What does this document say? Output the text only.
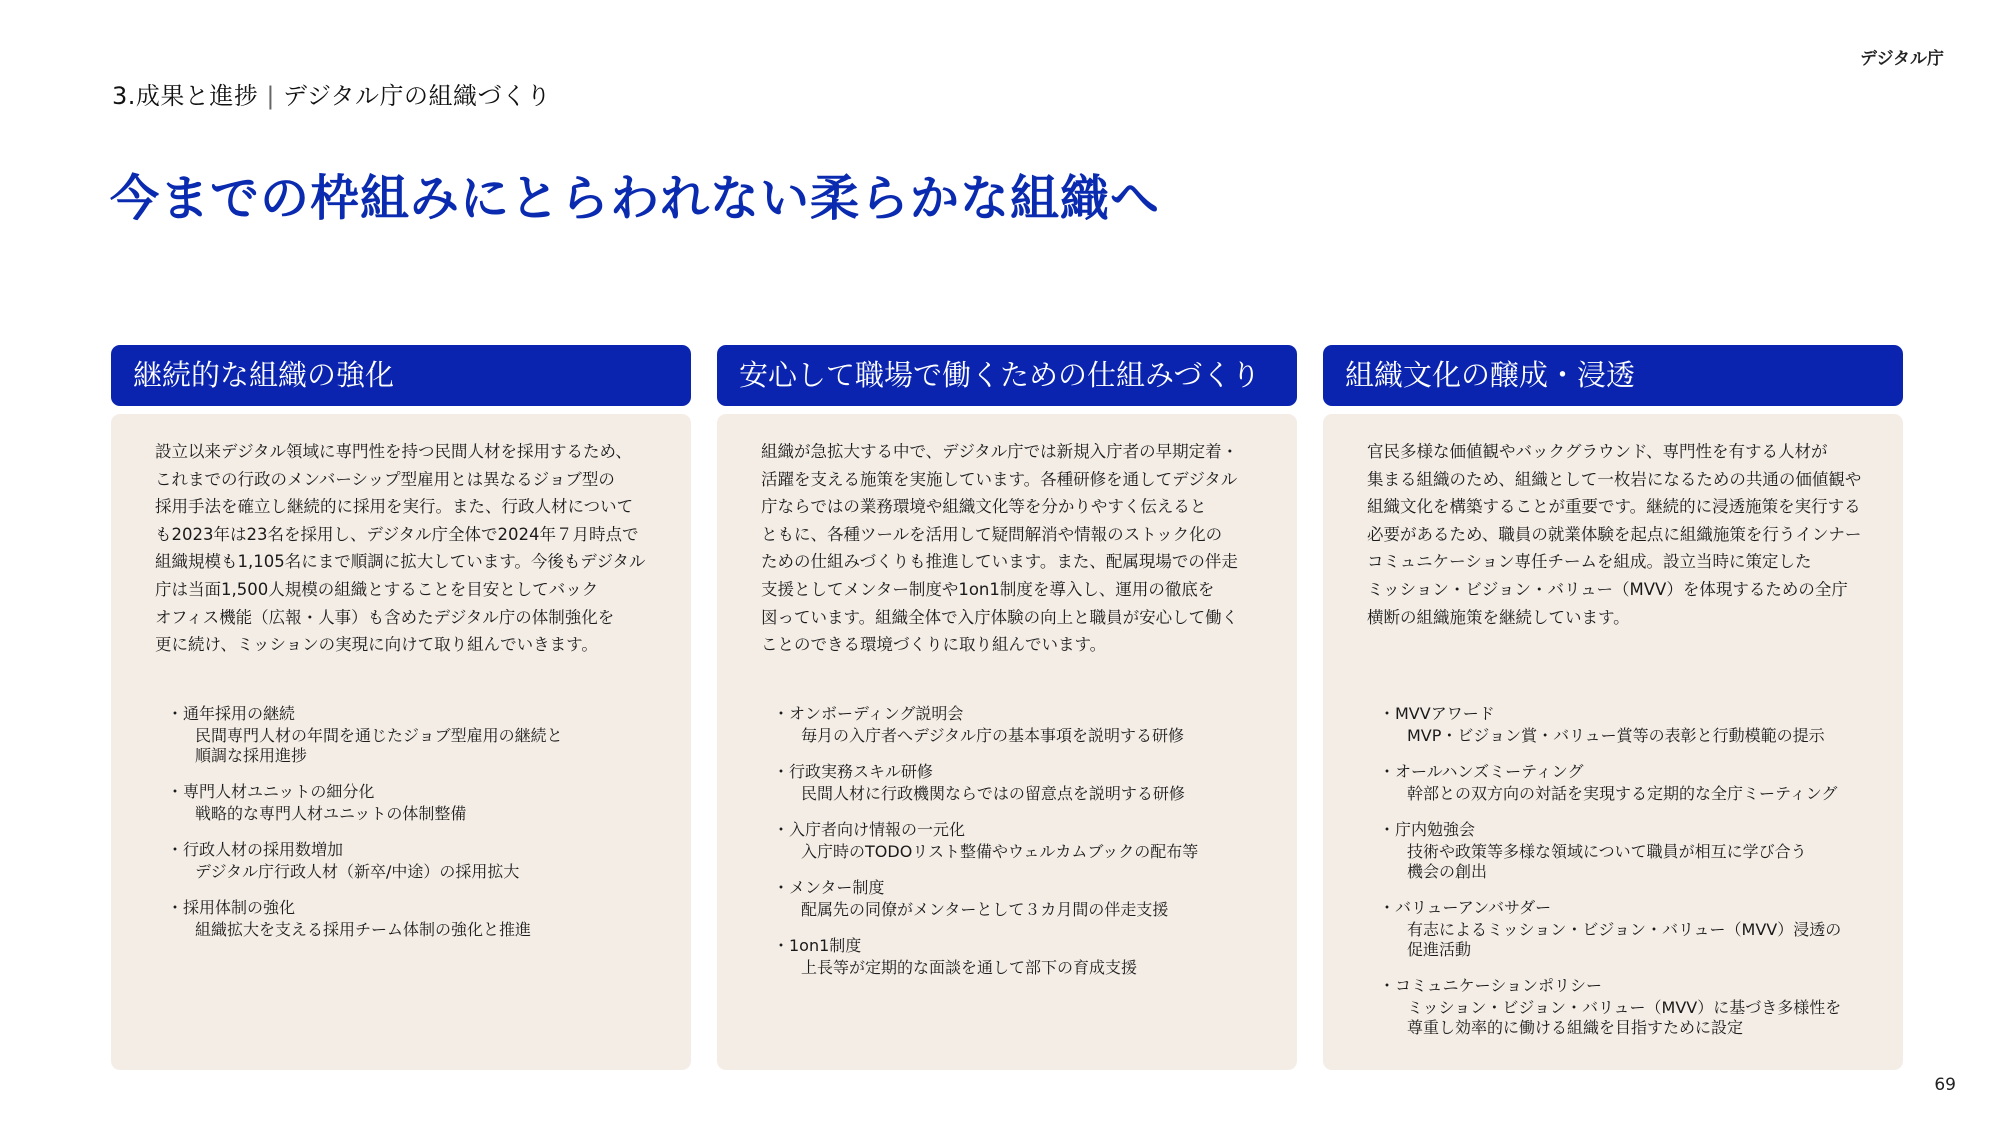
デジタル庁
3.成果と進捗 | デジタル庁の組織づくり
今までの枠組みにとらわれない柔らかな組織へ
継続的な組織の強化

設立以来デジタル領域に専門性を持つ民間人材を採用するため、
これまでの行政のメンバーシップ型雇用とは異なるジョブ型の
採用手法を確立し継続的に採用を実行。また、行政人材について
も2023年は23名を採用し、デジタル庁全体で2024年７月時点で
組織規模も1,105名にまで順調に拡大しています。今後もデジタル
庁は当面1,500人規模の組織とすることを目安としてバック
オフィス機能（広報・人事）も含めたデジタル庁の体制強化を
更に続け、ミッションの実現に向けて取り組んでいきます。

・ 通年採用の継続
民間専門人材の年間を通じたジョブ型雇用の継続と
順調な採用進捗
・ 専門人材ユニットの細分化
戦略的な専門人材ユニットの体制整備
・ 行政人材の採用数増加
デジタル庁行政人材（新卒/中途）の採用拡大
・ 採用体制の強化
組織拡大を支える採用チーム体制の強化と推進
安心して職場で働くための仕組みづくり

組織が急拡大する中で、デジタル庁では新規入庁者の早期定着・
活躍を支える施策を実施しています。各種研修を通してデジタル
庁ならではの業務環境や組織文化等を分かりやすく伝えると
ともに、各種ツールを活用して疑問解消や情報のストック化の
ための仕組みづくりも推進しています。また、配属現場での伴走
支援としてメンター制度や1on1制度を導入し、運用の徹底を
図っています。組織全体で入庁体験の向上と職員が安心して働く
ことのできる環境づくりに取り組んでいます。

・ オンボーディング説明会
毎月の入庁者へデジタル庁の基本事項を説明する研修
・ 行政実務スキル研修
民間人材に行政機関ならではの留意点を説明する研修
・ 入庁者向け情報の一元化
入庁時のTODOリスト整備やウェルカムブックの配布等
・ メンター制度
配属先の同僚がメンターとして３カ月間の伴走支援
・ 1on1制度
上長等が定期的な面談を通して部下の育成支援
組織文化の醸成・浸透

官民多様な価値観やバックグラウンド、専門性を有する人材が
集まる組織のため、組織として一枚岩になるための共通の価値観や
組織文化を構築することが重要です。継続的に浸透施策を実行する
必要があるため、職員の就業体験を起点に組織施策を行うインナー
コミュニケーション専任チームを組成。設立当時に策定した
ミッション・ビジョン・バリュー（MVV）を体現するための全庁
横断の組織施策を継続しています。

・ MVVアワード
MVP・ビジョン賞・バリュー賞等の表彰と行動模範の提示
・ オールハンズミーティング
幹部との双方向の対話を実現する定期的な全庁ミーティング
・ 庁内勉強会
技術や政策等多様な領域について職員が相互に学び合う
機会の創出
・ バリューアンバサダー
有志によるミッション・ビジョン・バリュー（MVV）浸透の
促進活動
・ コミュニケーションポリシー
ミッション・ビジョン・バリュー（MVV）に基づき多様性を
尊重し効率的に働ける組織を目指すために設定
69
